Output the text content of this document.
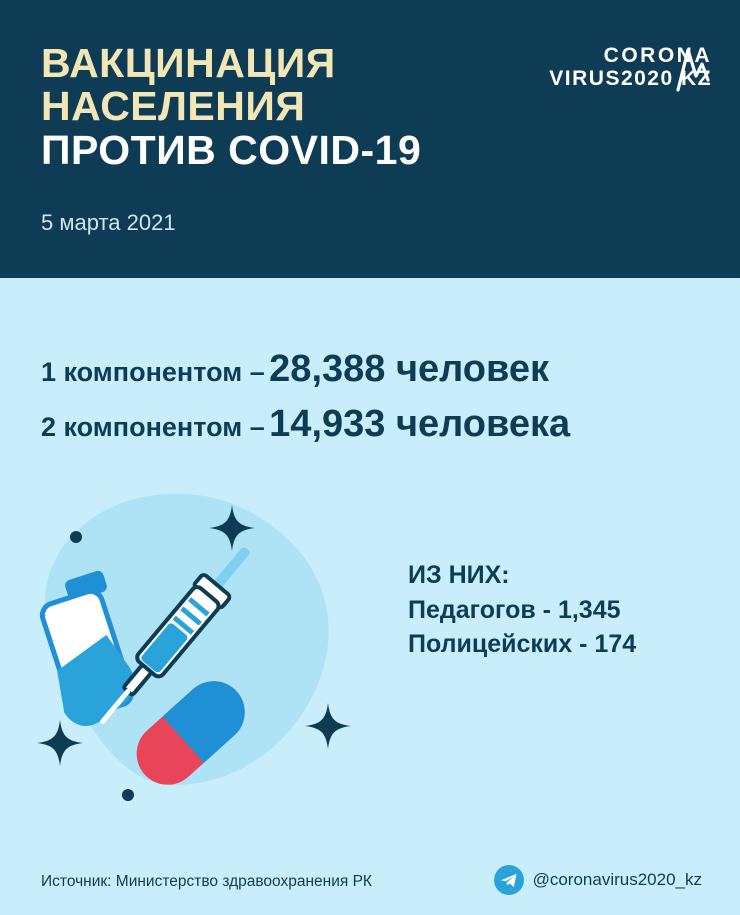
ВАКЦИНАЦИЯ
НАСЕЛЕНИЯ
ПРОТИВ COVID-19
5 марта 2021
CORONA
VIRUS2020 KZ
1 компонентом – 28,388 человек
2 компонентом – 14,933 человека
ИЗ НИХ:
Педагогов - 1,345
Полицейских - 174
Источник: Министерство здравоохранения РК	@coronavirus2020_kz
